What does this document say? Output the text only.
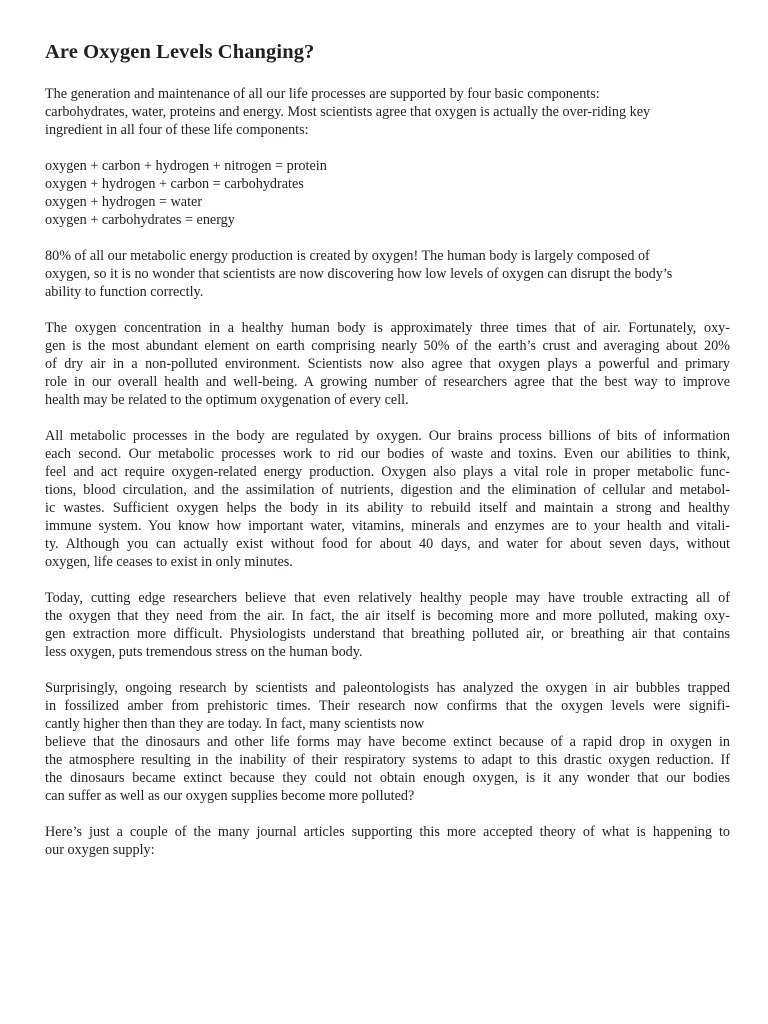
Are Oxygen Levels Changing?

The generation and maintenance of all our life processes are supported by four basic components:
carbohydrates, water, proteins and energy. Most scientists agree that oxygen is actually the over-riding key
ingredient in all four of these life components:

oxygen + carbon + hydrogen + nitrogen = protein
oxygen + hydrogen + carbon = carbohydrates
oxygen + hydrogen = water
oxygen + carbohydrates = energy

80% of all our metabolic energy production is created by oxygen! The human body is largely composed of
oxygen, so it is no wonder that scientists are now discovering how low levels of oxygen can disrupt the body’s
ability to function correctly.

The oxygen concentration in a healthy human body is approximately three times that of air. Fortunately, oxy-
gen is the most abundant element on earth comprising nearly 50% of the earth’s crust and averaging about 20%
of dry air in a non-polluted environment. Scientists now also agree that oxygen plays a powerful and primary
role in our overall health and well-being. A growing number of researchers agree that the best way to improve
health may be related to the optimum oxygenation of every cell.

All metabolic processes in the body are regulated by oxygen. Our brains process billions of bits of information
each second. Our metabolic processes work to rid our bodies of waste and toxins. Even our abilities to think,
feel and act require oxygen-related energy production. Oxygen also plays a vital role in proper metabolic func-
tions, blood circulation, and the assimilation of nutrients, digestion and the elimination of cellular and metabol-
ic wastes. Sufficient oxygen helps the body in its ability to rebuild itself and maintain a strong and healthy
immune system. You know how important water, vitamins, minerals and enzymes are to your health and vitali-
ty. Although you can actually exist without food for about 40 days, and water for about seven days, without
oxygen, life ceases to exist in only minutes.

Today, cutting edge researchers believe that even relatively healthy people may have trouble extracting all of
the oxygen that they need from the air. In fact, the air itself is becoming more and more polluted, making oxy-
gen extraction more difficult. Physiologists understand that breathing polluted air, or breathing air that contains
less oxygen, puts tremendous stress on the human body.

Surprisingly, ongoing research by scientists and paleontologists has analyzed the oxygen in air bubbles trapped
in fossilized amber from prehistoric times. Their research now confirms that the oxygen levels were signifi-
cantly higher then than they are today. In fact, many scientists now
believe that the dinosaurs and other life forms may have become extinct because of a rapid drop in oxygen in
the atmosphere resulting in the inability of their respiratory systems to adapt to this drastic oxygen reduction. If
the dinosaurs became extinct because they could not obtain enough oxygen, is it any wonder that our bodies
can suffer as well as our oxygen supplies become more polluted?

Here’s just a couple of the many journal articles supporting this more accepted theory of what is happening to
our oxygen supply:
